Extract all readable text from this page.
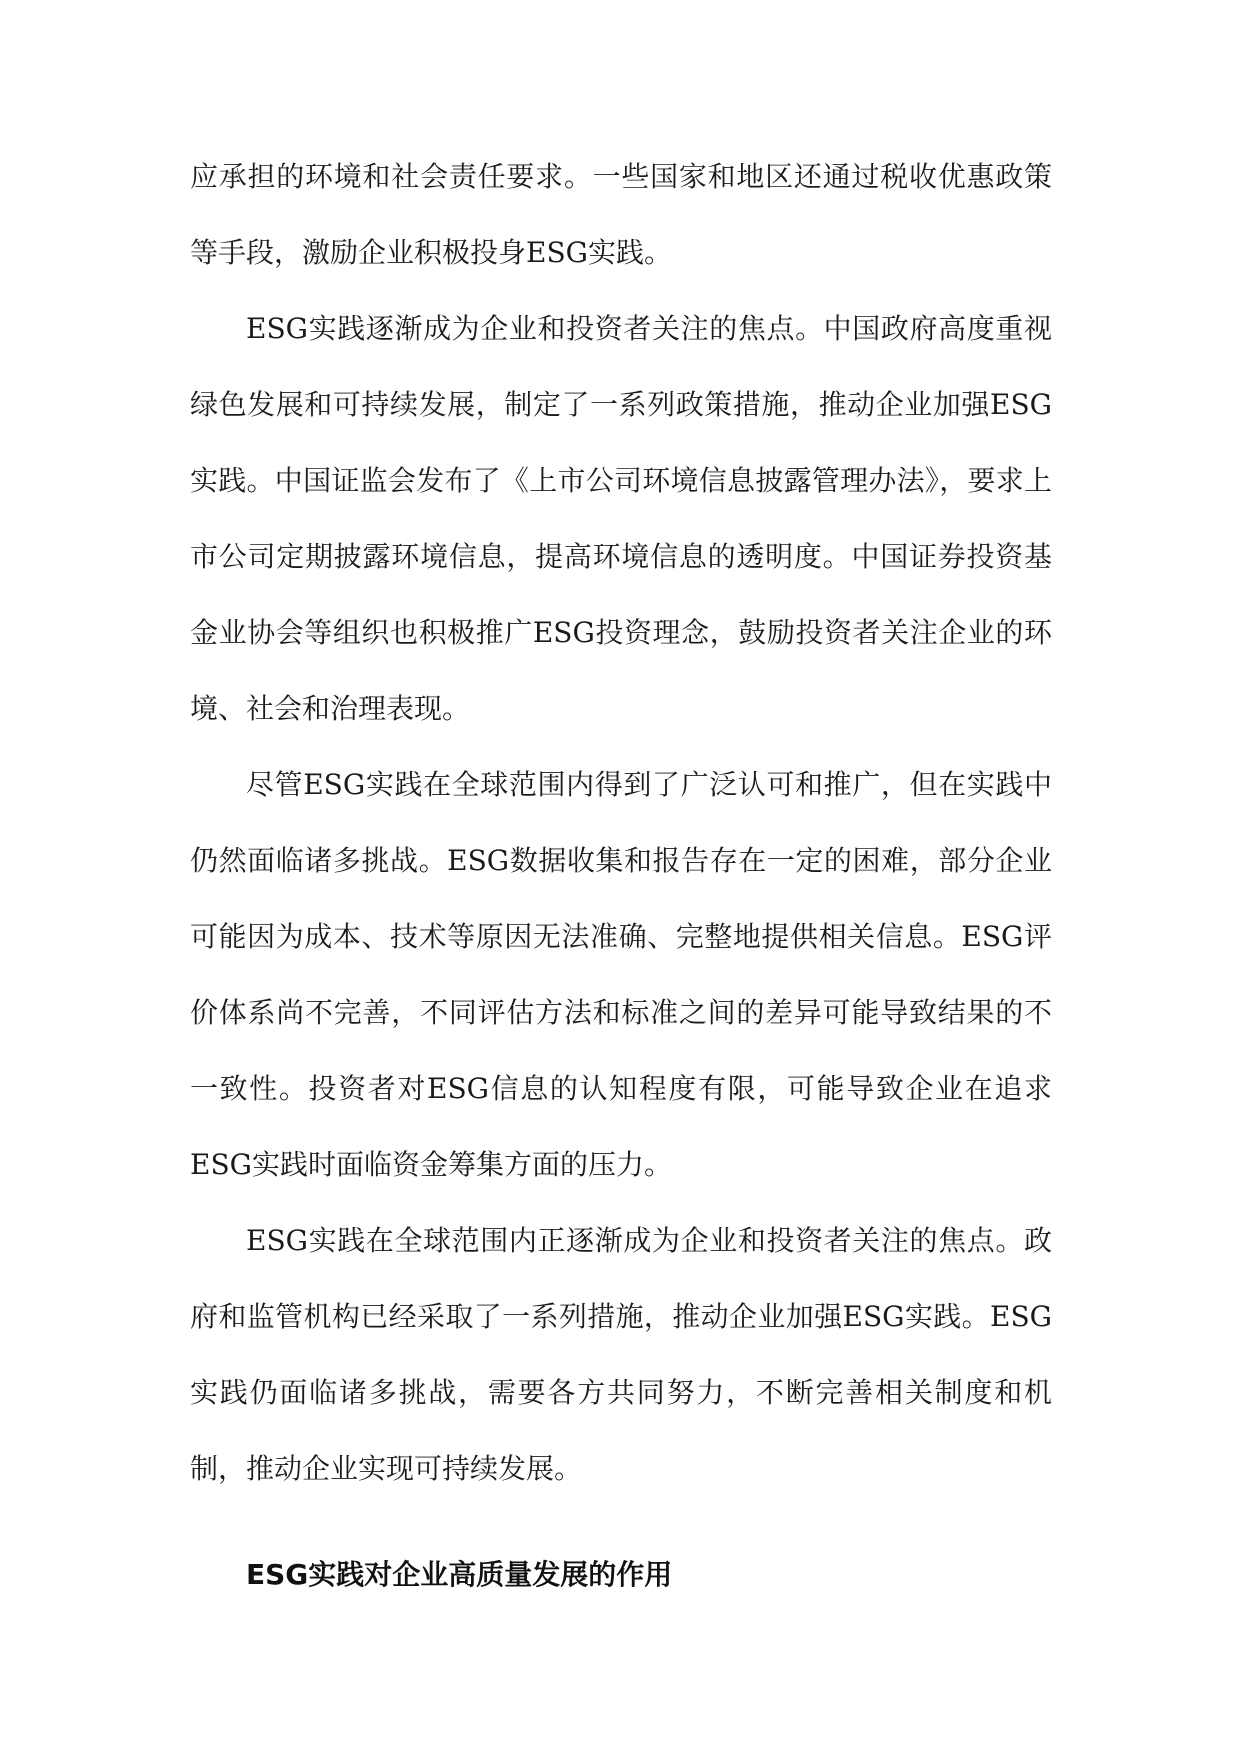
应承担的环境和社会责任要求。一些国家和地区还通过税收优惠政策等手段，激励企业积极投身ESG实践。

ESG实践逐渐成为企业和投资者关注的焦点。中国政府高度重视绿色发展和可持续发展，制定了一系列政策措施，推动企业加强ESG实践。中国证监会发布了《上市公司环境信息披露管理办法》，要求上市公司定期披露环境信息，提高环境信息的透明度。中国证券投资基金业协会等组织也积极推广ESG投资理念，鼓励投资者关注企业的环境、社会和治理表现。

尽管ESG实践在全球范围内得到了广泛认可和推广，但在实践中仍然面临诸多挑战。ESG数据收集和报告存在一定的困难，部分企业可能因为成本、技术等原因无法准确、完整地提供相关信息。ESG评价体系尚不完善，不同评估方法和标准之间的差异可能导致结果的不一致性。投资者对ESG信息的认知程度有限，可能导致企业在追求ESG实践时面临资金筹集方面的压力。

ESG实践在全球范围内正逐渐成为企业和投资者关注的焦点。政府和监管机构已经采取了一系列措施，推动企业加强ESG实践。ESG实践仍面临诸多挑战，需要各方共同努力，不断完善相关制度和机制，推动企业实现可持续发展。

ESG实践对企业高质量发展的作用
